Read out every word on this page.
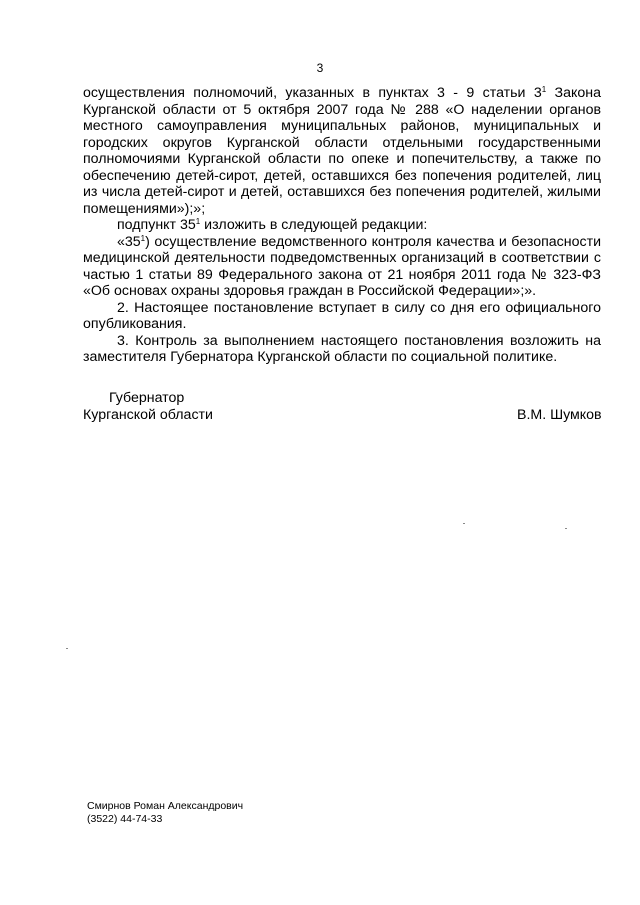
3

осуществления полномочий, указанных в пунктах 3 - 9 статьи $3^1$ Закона Курганской области от 5 октября 2007 года № 288 «О наделении органов местного самоуправления муниципальных районов, муниципальных и городских округов Курганской области отдельными государственными полномочиями Курганской области по опеке и попечительству, а также по обеспечению детей-сирот, детей, оставшихся без попечения родителей, лиц из числа детей-сирот и детей, оставшихся без попечения родителей, жилыми помещениями»);»;

подпункт $35^1$ изложить в следующей редакции:

«$35^1$) осуществление ведомственного контроля качества и безопасности медицинской деятельности подведомственных организаций в соответствии с частью 1 статьи 89 Федерального закона от 21 ноября 2011 года № 323-ФЗ «Об основах охраны здоровья граждан в Российской Федерации»;».

2. Настоящее постановление вступает в силу со дня его официального опубликования.

3. Контроль за выполнением настоящего постановления возложить на заместителя Губернатора Курганской области по социальной политике.

Губернатор
Курганской области	В.М. Шумков
Смирнов Роман Александрович
(3522) 44-74-33
